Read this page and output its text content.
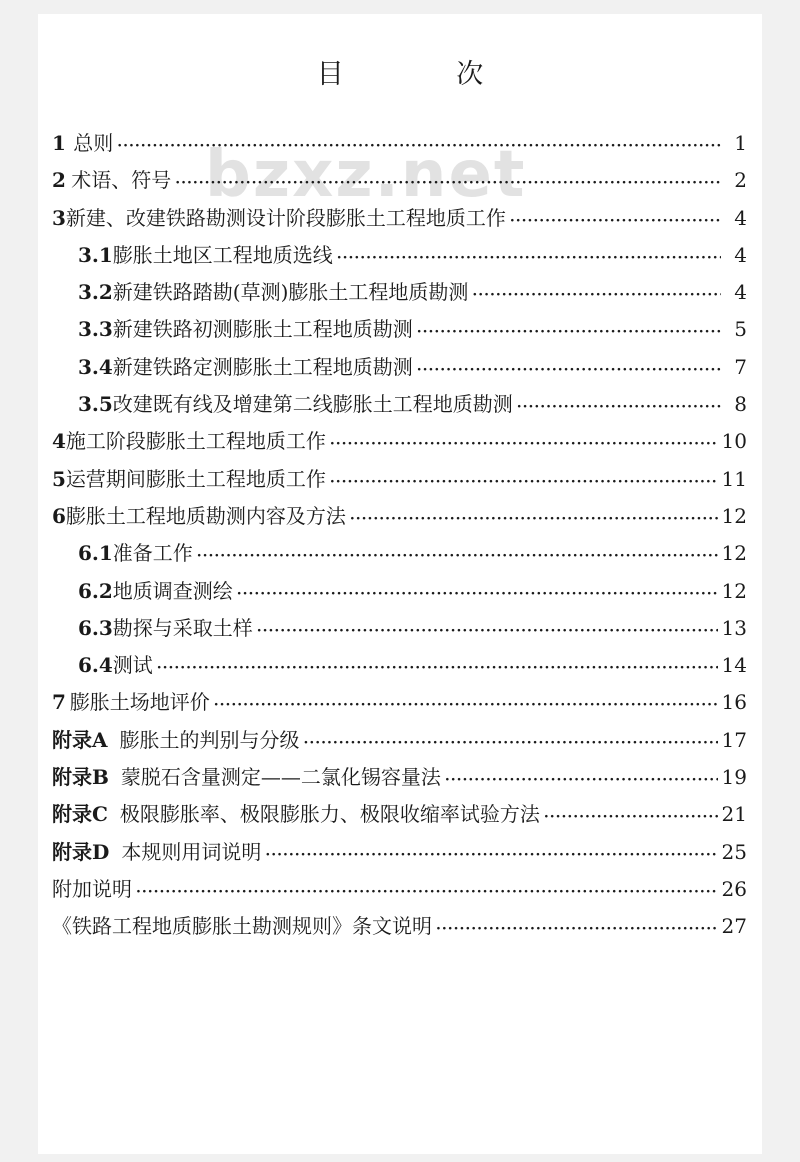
bzxz.net
目 次
1 总则 ·····	1
2 术语、符号 ·····	2
3 新建、改建铁路勘测设计阶段膨胀土工程地质工作 ·····	4
3.1 膨胀土地区工程地质选线 ·····	4
3.2 新建铁路踏勘(草测)膨胀土工程地质勘测 ·····	4
3.3 新建铁路初测膨胀土工程地质勘测 ·····	5
3.4 新建铁路定测膨胀土工程地质勘测 ·····	7
3.5 改建既有线及增建第二线膨胀土工程地质勘测 ·····	8
4 施工阶段膨胀土工程地质工作 ·····	10
5 运营期间膨胀土工程地质工作 ·····	11
6 膨胀土工程地质勘测内容及方法 ·····	12
6.1 准备工作 ·····	12
6.2 地质调查测绘 ·····	12
6.3 勘探与采取土样 ·····	13
6.4 测试 ·····	14
7 膨胀土场地评价 ·····	16
附录A 膨胀土的判别与分级 ·····	17
附录B 蒙脱石含量测定——二氯化锡容量法 ·····	19
附录C 极限膨胀率、极限膨胀力、极限收缩率试验方法 ·····	21
附录D 本规则用词说明 ·····	25
附加说明 ·····	26
《铁路工程地质膨胀土勘测规则》条文说明 ·····	27
